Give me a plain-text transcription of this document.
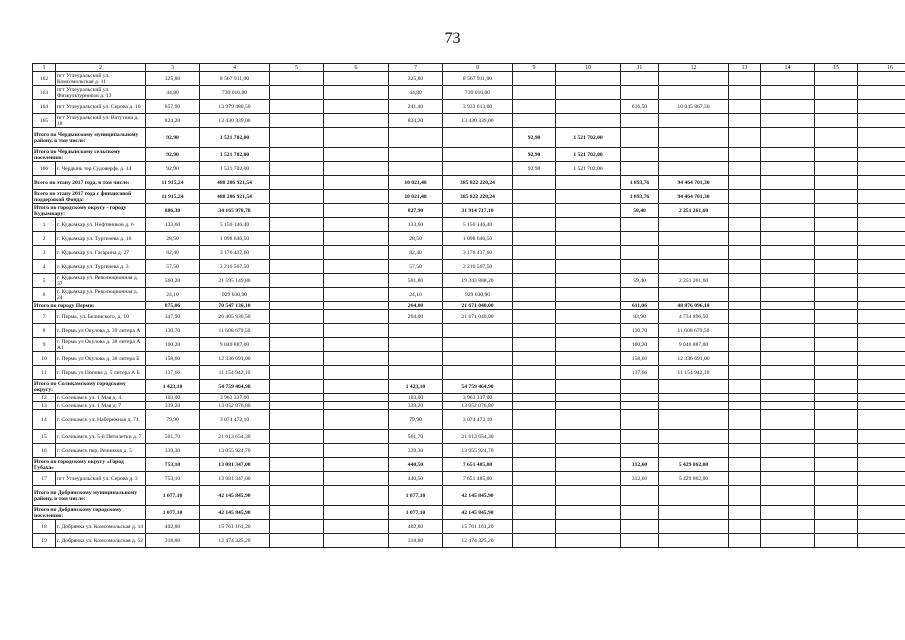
73
1	2	3	4	5	6	7	8	9	10	11	12	13	14	15	16
162	пгт Углеуральский ул. Комсомольская д. 11	325,80	8 567 911,00			325,80	8 567 911,00								
163	пгт Углеуральский ул. Физкультурников д. 13	44,80	730 016,00			44,80	730 016,00								
164	пгт Углеуральский ул. Серова д. 16	857,90	13 979 480,50			241,40	3 933 613,00			616,50	10 045 867,50				
165	пгт Углеуральский ул. Ватутина д. 18	824,20	13 430 339,00			824,20	13 430 339,00								
Итого по Чердынскому муниципальному району, в том числе:		92,90	1 521 702,00					92,90	1 521 702,00						
Итого по Чердынскому сельскому поселению:		92,90	1 521 702,00					92,90	1 521 702,00						
166	г. Чердынь тер Судоверфь д. 14	92,90	1 521 702,00					92,90	1 521 702,00						
Всего по этапу 2017 года, в том числе:		11 915,24	480 286 921,54			10 021,48	385 822 220,24			1 893,76	94 464 701,30				
Всего по этапу 2017 года с финансовой поддержкой Фонда:		11 915,24	480 286 921,54			10 021,48	385 822 220,24			1 893,76	94 464 701,30				
Итого по городскому округу - городу Кудымкару:		886,30	34 165 978,70			827,90	31 914 717,10			58,40	2 251 261,60				
1	г. Кудымкар ул. Нефтяников д. 6	133,60	5 150 146,40			133,60	5 150 146,40								
2	г. Кудымкар ул. Тургенева д. 16	28,50	1 098 646,50			28,50	1 098 646,50								
3	г. Кудымкар ул. Гагарина д. 27	82,40	3 176 437,60			82,40	3 176 437,60								
4	г. Кудымкар ул. Тургенева д. 3	57,50	2 216 567,50			57,50	2 216 567,50								
5	г. Кудымкар ул. Революционная д. 37	560,20	21 595 149,80			501,80	19 343 888,20			59,40	2 251 261,60				
6	г. Кудымкар ул. Революционная д. 24	24,10	929 030,90			24,10	929 030,90								
Итого по городу Перми:		875,06	70 547 136,10			264,00	21 671 040,00			611,06	48 876 096,10				
7	г. Пермь, ул. Белинского, д. 10	347,90	26 405 936,50			264,00	21 671 040,00			83,90	4 734 896,50				
8	г. Пермь ул Окулова д. 39 литера А	130,70	11 608 679,50							130,70	11 608 679,50				
9	г. Пермь ул Окулова д. 38 литера А А1	100,20	9 040 887,00							100,20	9 040 887,00				
10	г. Пермь ул Окулова д. 38 литера Б	158,60	12 336 691,00							158,60	12 336 691,00				
11	г. Пермь ул Попова д. 5 литера А Б	137,66	11 154 942,10							137,66	11 154 942,10				
Итого по Соликамскому городскому округу:		1 423,10	54 759 464,90			1 423,10	54 759 464,90								
12	г. Соликамск ул. 1 Мая д. 4	103,00	3 963 337,00			103,00	3 963 337,00								
13	г. Соликамск ул. 1 Мая д. 7	339,20	13 052 076,80			339,20	13 052 076,80								
14	г. Соликамск ул. Набережная д. 71	79,90	3 074 472,10			79,90	3 074 472,10								
15	г. Соликамск ул. 5-й Пятилетки д. 7	561,70	21 613 654,30			561,70	21 613 654,30								
16	г. Соликамск пер. Речников д. 5	339,30	13 055 924,70			339,30	13 055 924,70								
Итого по городскому округу «Город Губаха»		753,10	13 081 347,00			440,50	7 651 485,00			312,60	5 429 862,00				
17	пгт Углеуральский ул. Серова д. 3	753,10	13 081 347,00			440,50	7 651 485,00			312,60	5 429 862,00				
Итого по Добрянскому муниципальному району, в том числе:		1 077,10	42 145 845,90			1 077,10	42 145 845,90								
Итого по Добрянскому городскому поселению:		1 077,10	42 145 845,90			1 077,10	42 145 845,90								
18	г. Добрянка ул. Комсомольская д. 14	402,80	15 761 161,20			402,80	15 761 161,20								
19	г. Добрянка ул. Комсомольская д. 52	318,80	12 474 325,20			318,80	12 474 325,20								
